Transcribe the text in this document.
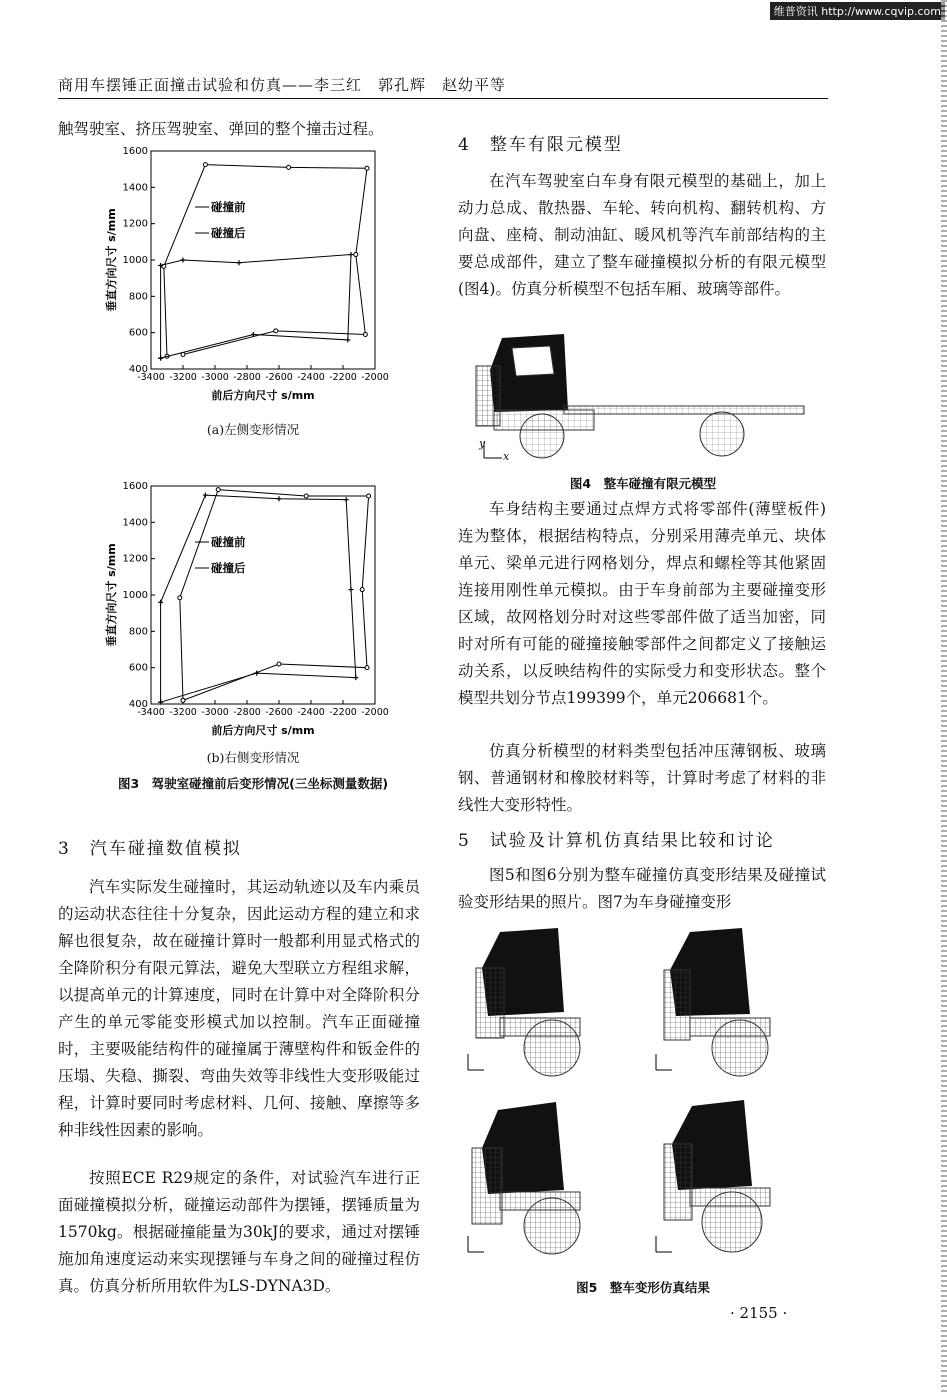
维普资讯 http://www.cqvip.com
商用车摆锤正面撞击试验和仿真——李三红　郭孔辉　赵幼平等
触驾驶室、挤压驾驶室、弹回的整个撞击过程。
-3400 -3200 -3000 -2800 -2600 -2400 -2200 -2000
400
600
800
1000
1200
1400
1600
前后方向尺寸 s/mm
垂直方向尺寸 s/mm
碰撞前
碰撞后
(a)左侧变形情况
-3400 -3200 -3000 -2800 -2600 -2400 -2200 -2000
400
600
800
1000
1200
1400
1600
前后方向尺寸 s/mm
垂直方向尺寸 s/mm
碰撞前
碰撞后
(b)右侧变形情况
图3　驾驶室碰撞前后变形情况(三坐标测量数据)
3　汽车碰撞数值模拟
汽车实际发生碰撞时，其运动轨迹以及车内乘员的运动状态往往十分复杂，因此运动方程的建立和求解也很复杂，故在碰撞计算时一般都利用显式格式的全降阶积分有限元算法，避免大型联立方程组求解，以提高单元的计算速度，同时在计算中对全降阶积分产生的单元零能变形模式加以控制。汽车正面碰撞时，主要吸能结构件的碰撞属于薄壁构件和钣金件的压塌、失稳、撕裂、弯曲失效等非线性大变形吸能过程，计算时要同时考虑材料、几何、接触、摩擦等多种非线性因素的影响。
按照ECE R29规定的条件，对试验汽车进行正面碰撞模拟分析，碰撞运动部件为摆锤，摆锤质量为1570kg。根据碰撞能量为30kJ的要求，通过对摆锤施加角速度运动来实现摆锤与车身之间的碰撞过程仿真。仿真分析所用软件为LS-DYNA3D。
4　整车有限元模型
在汽车驾驶室白车身有限元模型的基础上，加上动力总成、散热器、车轮、转向机构、翻转机构、方向盘、座椅、制动油缸、暖风机等汽车前部结构的主要总成部件，建立了整车碰撞模拟分析的有限元模型(图4)。仿真分析模型不包括车厢、玻璃等部件。
y
x
图4　整车碰撞有限元模型
车身结构主要通过点焊方式将零部件(薄壁板件)连为整体，根据结构特点，分别采用薄壳单元、块体单元、梁单元进行网格划分，焊点和螺栓等其他紧固连接用刚性单元模拟。由于车身前部为主要碰撞变形区域，故网格划分时对这些零部件做了适当加密，同时对所有可能的碰撞接触零部件之间都定义了接触运动关系，以反映结构件的实际受力和变形状态。整个模型共划分节点199399个，单元206681个。
仿真分析模型的材料类型包括冲压薄钢板、玻璃钢、普通钢材和橡胶材料等，计算时考虑了材料的非线性大变形特性。
5　试验及计算机仿真结果比较和讨论
图5和图6分别为整车碰撞仿真变形结果及碰撞试验变形结果的照片。图7为车身碰撞变形
图5　整车变形仿真结果
· 2155 ·
